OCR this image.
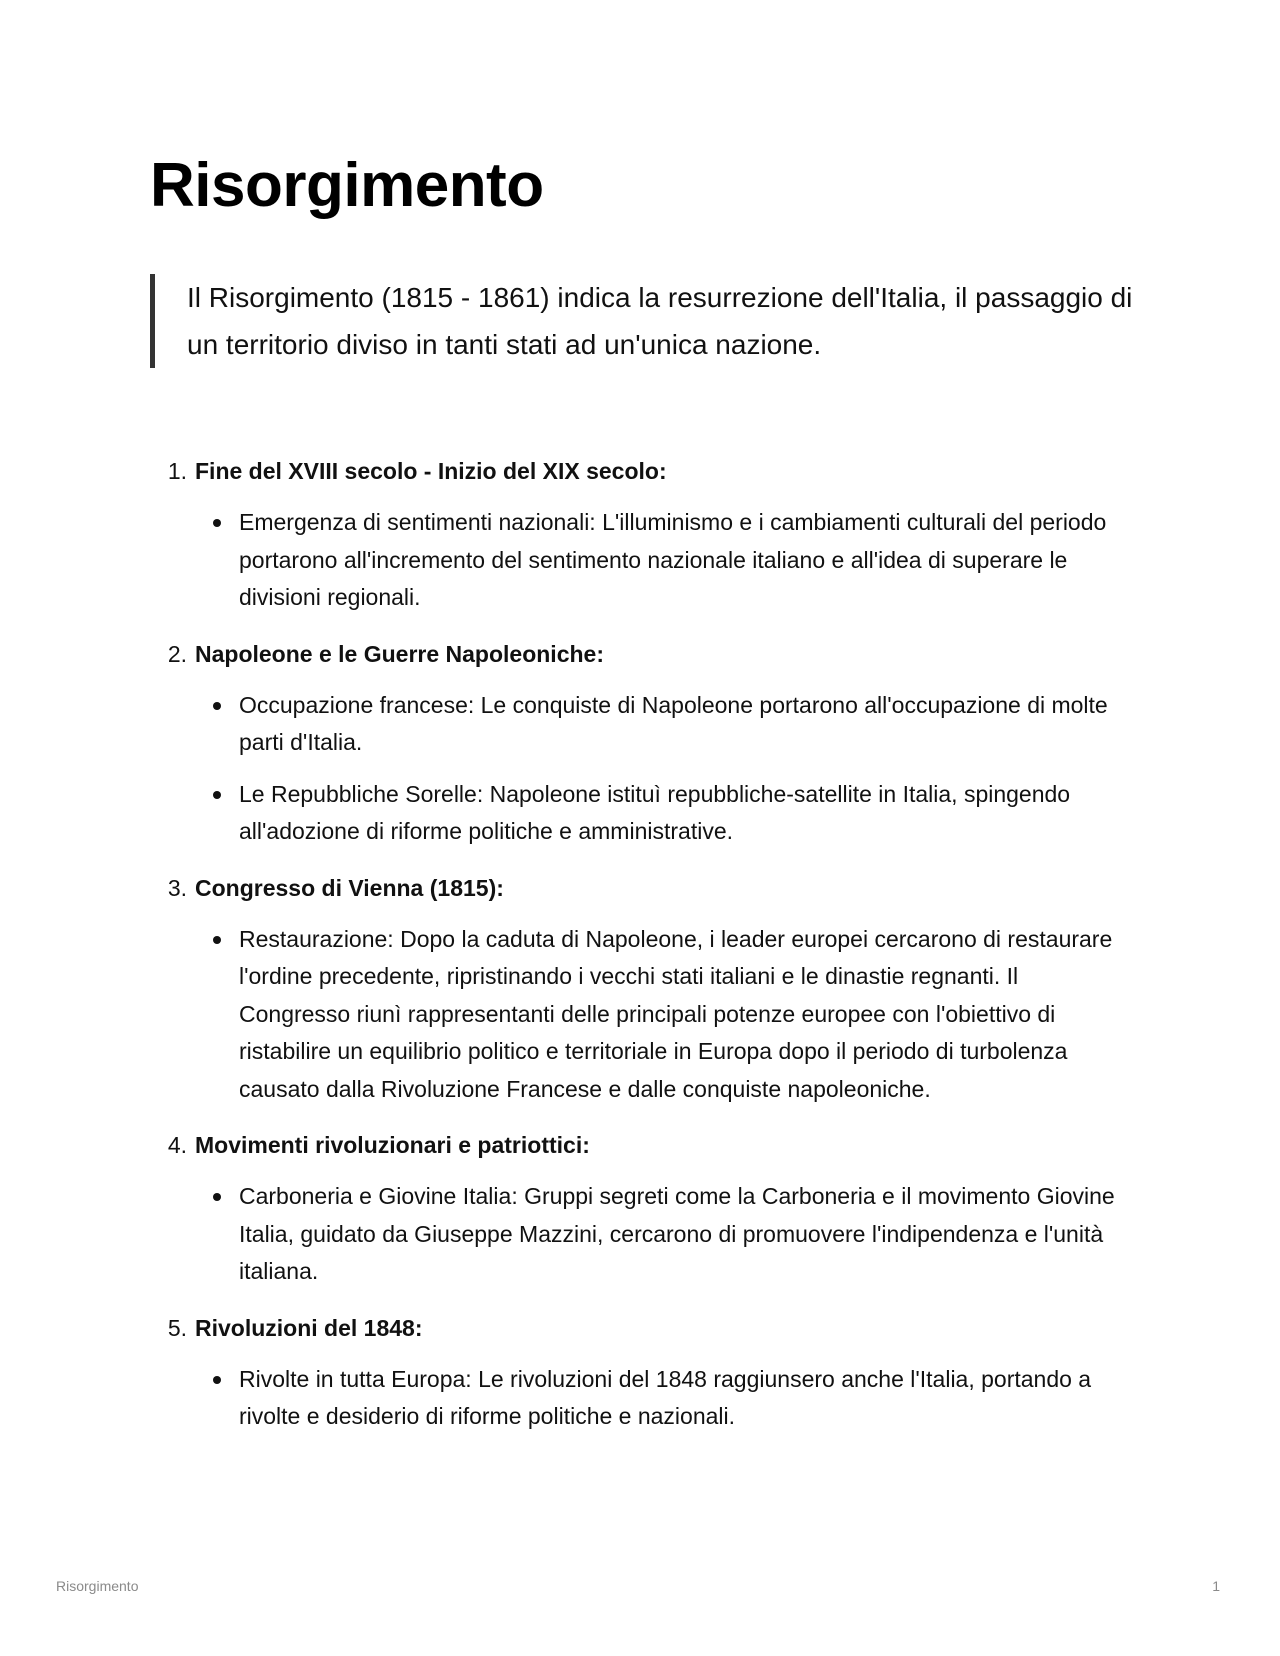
Risorgimento
Il Risorgimento (1815 - 1861) indica la resurrezione dell'Italia, il passaggio di un territorio diviso in tanti stati ad un'unica nazione.
1. Fine del XVIII secolo - Inizio del XIX secolo:
Emergenza di sentimenti nazionali: L'illuminismo e i cambiamenti culturali del periodo portarono all'incremento del sentimento nazionale italiano e all'idea di superare le divisioni regionali.
2. Napoleone e le Guerre Napoleoniche:
Occupazione francese: Le conquiste di Napoleone portarono all'occupazione di molte parti d'Italia.
Le Repubbliche Sorelle: Napoleone istituì repubbliche-satellite in Italia, spingendo all'adozione di riforme politiche e amministrative.
3. Congresso di Vienna (1815):
Restaurazione: Dopo la caduta di Napoleone, i leader europei cercarono di restaurare l'ordine precedente, ripristinando i vecchi stati italiani e le dinastie regnanti. Il Congresso riunì rappresentanti delle principali potenze europee con l'obiettivo di ristabilire un equilibrio politico e territoriale in Europa dopo il periodo di turbolenza causato dalla Rivoluzione Francese e dalle conquiste napoleoniche.
4. Movimenti rivoluzionari e patriottici:
Carboneria e Giovine Italia: Gruppi segreti come la Carboneria e il movimento Giovine Italia, guidato da Giuseppe Mazzini, cercarono di promuovere l'indipendenza e l'unità italiana.
5. Rivoluzioni del 1848:
Rivolte in tutta Europa: Le rivoluzioni del 1848 raggiunsero anche l'Italia, portando a rivolte e desiderio di riforme politiche e nazionali.
Risorgimento	1
